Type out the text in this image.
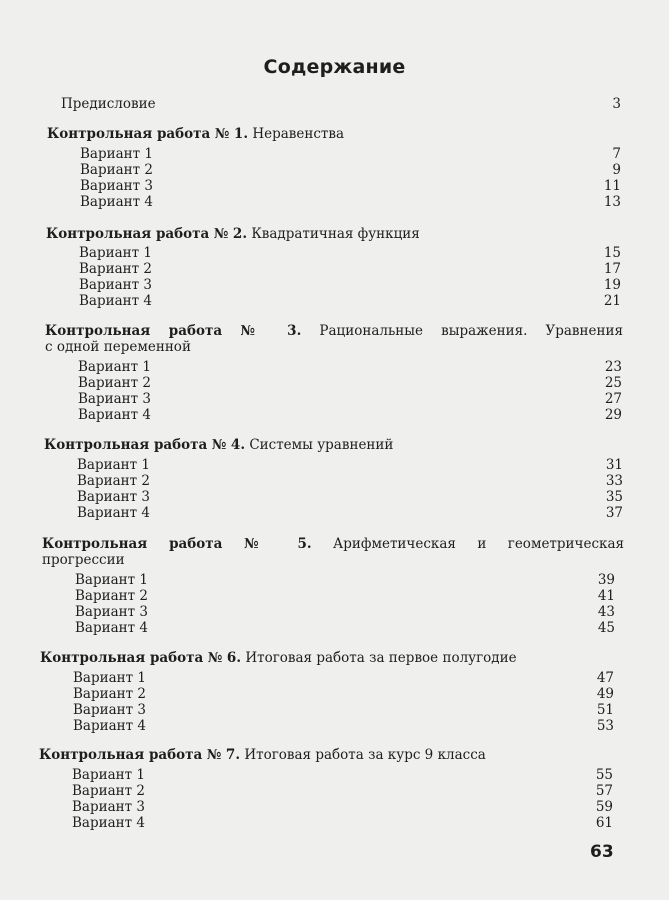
Содержание
Предисловие	3
Контрольная работа № 1. Неравенства
Вариант 1	7
Вариант 2	9
Вариант 3	11
Вариант 4	13
Контрольная работа № 2. Квадратичная функция
Вариант 1	15
Вариант 2	17
Вариант 3	19
Вариант 4	21
Контрольная работа № 3. Рациональные выражения. Уравнения
с одной переменной
Вариант 1	23
Вариант 2	25
Вариант 3	27
Вариант 4	29
Контрольная работа № 4. Системы уравнений
Вариант 1	31
Вариант 2	33
Вариант 3	35
Вариант 4	37
Контрольная работа № 5. Арифметическая и геометрическая
прогрессии
Вариант 1	39
Вариант 2	41
Вариант 3	43
Вариант 4	45
Контрольная работа № 6. Итоговая работа за первое полугодие
Вариант 1	47
Вариант 2	49
Вариант 3	51
Вариант 4	53
Контрольная работа № 7. Итоговая работа за курс 9 класса
Вариант 1	55
Вариант 2	57
Вариант 3	59
Вариант 4	61
63
